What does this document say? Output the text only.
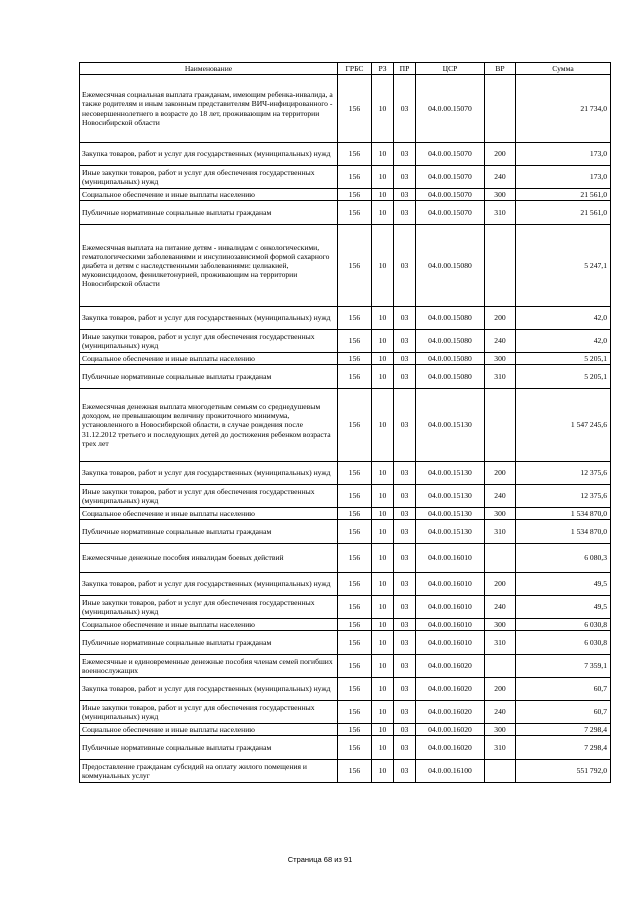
Наименование	ГРБС	РЗ	ПР	ЦСР	ВР	Сумма
Ежемесячная социальная выплата гражданам, имеющим ребенка-инвалида, а также родителям и иным законным представителям ВИЧ-инфицированного - несовершеннолетнего в возрасте до 18 лет, проживающим на территории Новосибирской области	156	10	03	04.0.00.15070		21 734,0
Закупка товаров, работ и услуг для государственных (муниципальных) нужд	156	10	03	04.0.00.15070	200	173,0
Иные закупки товаров, работ и услуг для обеспечения государственных (муниципальных) нужд	156	10	03	04.0.00.15070	240	173,0
Социальное обеспечение и иные выплаты населению	156	10	03	04.0.00.15070	300	21 561,0
Публичные нормативные социальные выплаты гражданам	156	10	03	04.0.00.15070	310	21 561,0
Ежемесячная выплата на питание детям - инвалидам с онкологическими, гематологическими заболеваниями и инсулинозависимой формой сахарного диабета и детям с наследственными заболеваниями: целиакией, муковисцидозом, фенилкетонурией, проживающим на территории Новосибирской области	156	10	03	04.0.00.15080		5 247,1
Закупка товаров, работ и услуг для государственных (муниципальных) нужд	156	10	03	04.0.00.15080	200	42,0
Иные закупки товаров, работ и услуг для обеспечения государственных (муниципальных) нужд	156	10	03	04.0.00.15080	240	42,0
Социальное обеспечение и иные выплаты населению	156	10	03	04.0.00.15080	300	5 205,1
Публичные нормативные социальные выплаты гражданам	156	10	03	04.0.00.15080	310	5 205,1
Ежемесячная денежная выплата многодетным семьям со среднедушевым доходом, не превышающим величину прожиточного минимума, установленного в Новосибирской области, в случае рождения после 31.12.2012 третьего и последующих детей до достижения ребенком возраста трех лет	156	10	03	04.0.00.15130		1 547 245,6
Закупка товаров, работ и услуг для государственных (муниципальных) нужд	156	10	03	04.0.00.15130	200	12 375,6
Иные закупки товаров, работ и услуг для обеспечения государственных (муниципальных) нужд	156	10	03	04.0.00.15130	240	12 375,6
Социальное обеспечение и иные выплаты населению	156	10	03	04.0.00.15130	300	1 534 870,0
Публичные нормативные социальные выплаты гражданам	156	10	03	04.0.00.15130	310	1 534 870,0
Ежемесячные денежные пособия инвалидам боевых действий	156	10	03	04.0.00.16010		6 080,3
Закупка товаров, работ и услуг для государственных (муниципальных) нужд	156	10	03	04.0.00.16010	200	49,5
Иные закупки товаров, работ и услуг для обеспечения государственных (муниципальных) нужд	156	10	03	04.0.00.16010	240	49,5
Социальное обеспечение и иные выплаты населению	156	10	03	04.0.00.16010	300	6 030,8
Публичные нормативные социальные выплаты гражданам	156	10	03	04.0.00.16010	310	6 030,8
Ежемесячные и единовременные денежные пособия членам семей погибших военнослужащих	156	10	03	04.0.00.16020		7 359,1
Закупка товаров, работ и услуг для государственных (муниципальных) нужд	156	10	03	04.0.00.16020	200	60,7
Иные закупки товаров, работ и услуг для обеспечения государственных (муниципальных) нужд	156	10	03	04.0.00.16020	240	60,7
Социальное обеспечение и иные выплаты населению	156	10	03	04.0.00.16020	300	7 298,4
Публичные нормативные социальные выплаты гражданам	156	10	03	04.0.00.16020	310	7 298,4
Предоставление гражданам субсидий на оплату жилого помещения и коммунальных услуг	156	10	03	04.0.00.16100		551 792,0
Страница 68 из 91
